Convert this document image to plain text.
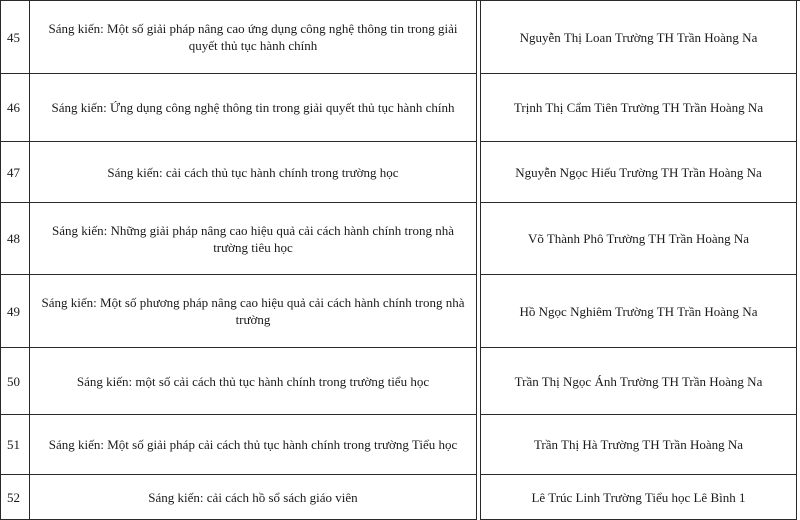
45	Sáng kiến: Một số giải pháp nâng cao ứng dụng công nghệ thông tin trong giải quyết thủ tục hành chính		Nguyễn Thị Loan Trường TH Trần Hoàng Na	
46	Sáng kiến: Ứng dụng công nghệ thông tin trong giải quyết thủ tục hành chính		Trịnh Thị Cẩm Tiên Trường TH Trần Hoàng Na	
47	Sáng kiến: cải cách thủ tục hành chính trong trường học		Nguyễn Ngọc Hiếu Trường TH Trần Hoàng Na	
48	Sáng kiến: Những giải pháp nâng cao hiệu quả cải cách hành chính trong nhà trường tiêu học		Võ Thành Phô Trường TH Trần Hoàng Na	
49	Sáng kiến: Một số phương pháp nâng cao hiệu quả cải cách hành chính trong nhà trường		Hồ Ngọc Nghiêm Trường TH Trần Hoàng Na	
50	Sáng kiến: một số cải cách thủ tục hành chính trong trường tiểu học		Trần Thị Ngọc Ánh Trường TH Trần Hoàng Na	
51	Sáng kiến: Một số giải pháp cải cách thủ tục hành chính trong trường Tiểu học		Trần Thị Hà Trường TH Trần Hoàng Na	
52	Sáng kiến: cải cách hồ sổ sách giáo viên		Lê Trúc Linh Trường Tiểu học Lê Bình 1	
